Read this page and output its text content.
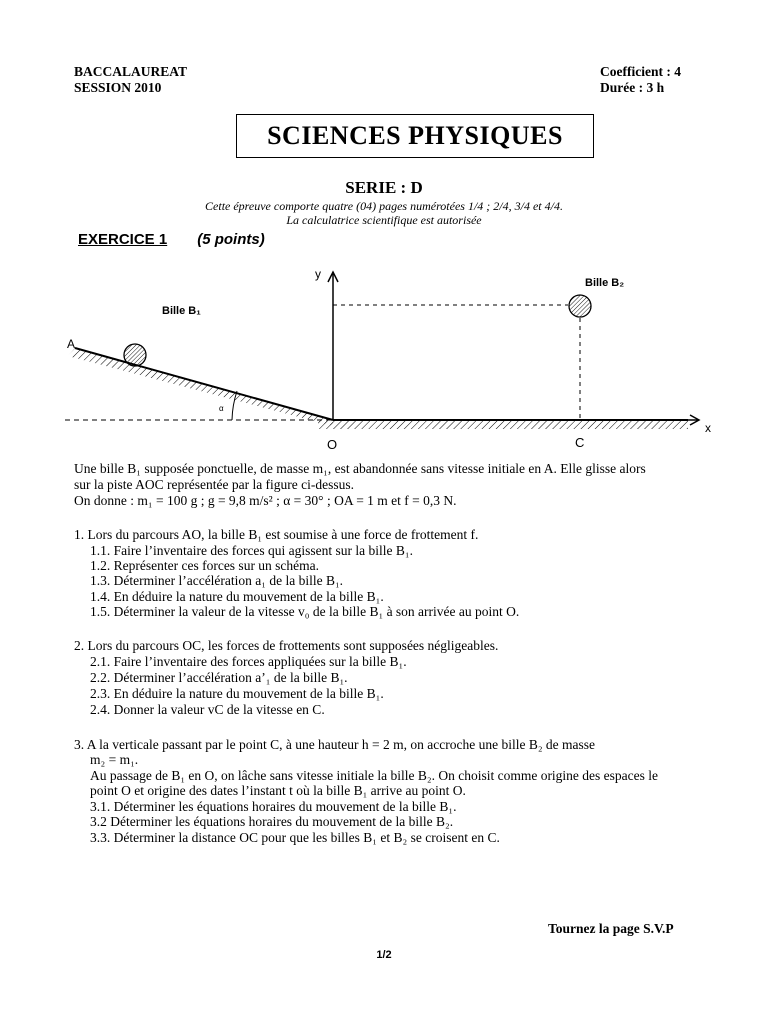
BACCALAUREAT
SESSION 2010
Coefficient : 4
Durée : 3 h
SCIENCES PHYSIQUES
SERIE : D
Cette épreuve comporte quatre (04) pages numérotées 1/4 ; 2/4, 3/4 et 4/4.
La calculatrice scientifique est autorisée
EXERCICE 1 (5 points)
y
x
A
O	C
α
Bille B₁
Bille B₂
Une bille B₁ supposée ponctuelle, de masse m₁, est abandonnée sans vitesse initiale en A. Elle glisse alors
sur la piste AOC représentée par la figure ci-dessus.
On donne : m₁ = 100 g ; g = 9,8 m/s² ; α = 30° ; OA = 1 m et f = 0,3 N.
1. Lors du parcours AO, la bille B₁ est soumise à une force de frottement f.
1.1. Faire l’inventaire des forces qui agissent sur la bille B₁.
1.2. Représenter ces forces sur un schéma.
1.3. Déterminer l’accélération a₁ de la bille B₁.
1.4. En déduire la nature du mouvement de la bille B₁.
1.5. Déterminer la valeur de la vitesse v₀ de la bille B₁ à son arrivée au point O.
2. Lors du parcours OC, les forces de frottements sont supposées négligeables.
2.1. Faire l’inventaire des forces appliquées sur la bille B₁.
2.2. Déterminer l’accélération a’₁ de la bille B₁.
2.3. En déduire la nature du mouvement de la bille B₁.
2.4. Donner la valeur vC de la vitesse en C.
3. A la verticale passant par le point C, à une hauteur h = 2 m, on accroche une bille B₂ de masse
m₂ = m₁.
Au passage de B₁ en O, on lâche sans vitesse initiale la bille B₂. On choisit comme origine des espaces le
point O et origine des dates l’instant t où la bille B₁ arrive au point O.
3.1. Déterminer les équations horaires du mouvement de la bille B₁.
3.2 Déterminer les équations horaires du mouvement de la bille B₂.
3.3. Déterminer la distance OC pour que les billes B₁ et B₂ se croisent en C.
Tournez la page S.V.P
1/2
